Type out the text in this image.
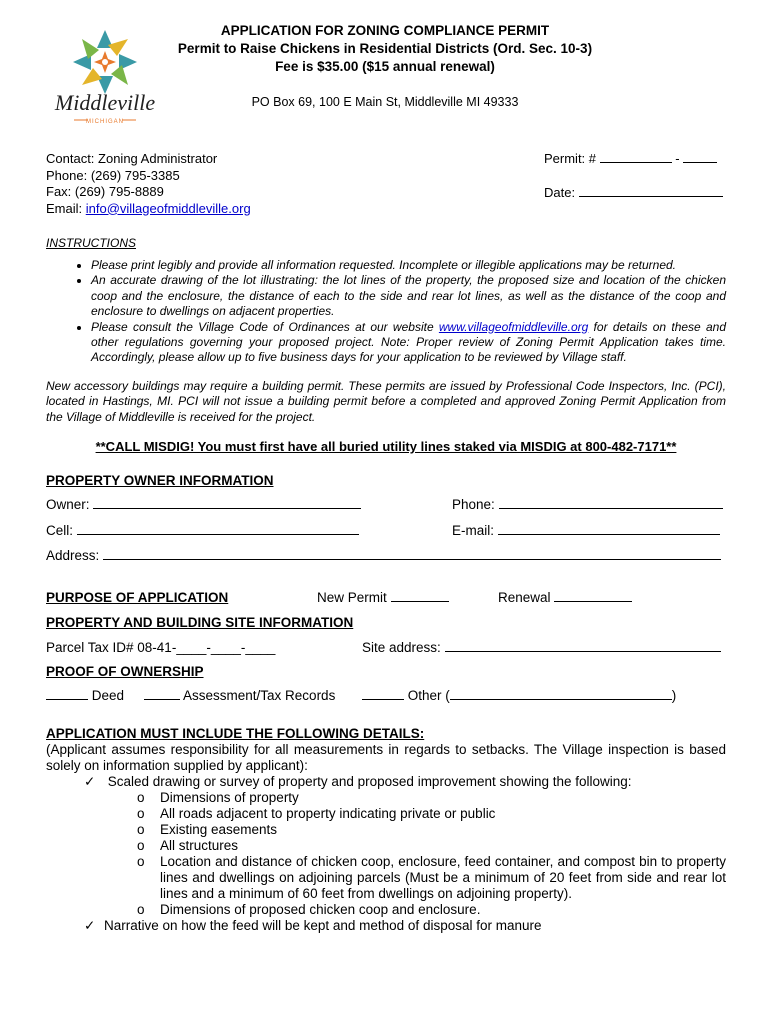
Middleville
MICHIGAN
APPLICATION FOR ZONING COMPLIANCE PERMIT
Permit to Raise Chickens in Residential Districts (Ord. Sec. 10-3)
Fee is $35.00 ($15 annual renewal)
PO Box 69, 100 E Main St, Middleville MI 49333
Contact: Zoning Administrator
Phone: (269) 795-3385
Fax: (269) 795-8889
Email: info@villageofmiddleville.org
Permit: #	-
Date:
INSTRUCTIONS
• Please print legibly and provide all information requested. Incomplete or illegible applications may be returned.
• An accurate drawing of the lot illustrating: the lot lines of the property, the proposed size and location of the chicken coop and the enclosure, the distance of each to the side and rear lot lines, as well as the distance of the coop and enclosure to dwellings on adjacent properties.
• Please consult the Village Code of Ordinances at our website www.villageofmiddleville.org for details on these and other regulations governing your proposed project. Note: Proper review of Zoning Permit Application takes time. Accordingly, please allow up to five business days for your application to be reviewed by Village staff.
New accessory buildings may require a building permit. These permits are issued by Professional Code Inspectors, Inc. (PCI), located in Hastings, MI. PCI will not issue a building permit before a completed and approved Zoning Permit Application from the Village of Middleville is received for the project.
**CALL MISDIG! You must first have all buried utility lines staked via MISDIG at 800-482-7171**
PROPERTY OWNER INFORMATION
Owner:	Phone:
Cell:	E-mail:
Address:
PURPOSE OF APPLICATION	New Permit	Renewal
PROPERTY AND BUILDING SITE INFORMATION
Parcel Tax ID# 08-41-____-____-____	Site address:
PROOF OF OWNERSHIP
Deed	Assessment/Tax Records	Other (	)
APPLICATION MUST INCLUDE THE FOLLOWING DETAILS:
(Applicant assumes responsibility for all measurements in regards to setbacks. The Village inspection is based solely on information supplied by applicant):
✓ Scaled drawing or survey of property and proposed improvement showing the following:
o Dimensions of property
o All roads adjacent to property indicating private or public
o Existing easements
o All structures
o Location and distance of chicken coop, enclosure, feed container, and compost bin to property lines and dwellings on adjoining parcels (Must be a minimum of 20 feet from side and rear lot lines and a minimum of 60 feet from dwellings on adjoining property).
o Dimensions of proposed chicken coop and enclosure.
✓ Narrative on how the feed will be kept and method of disposal for manure
